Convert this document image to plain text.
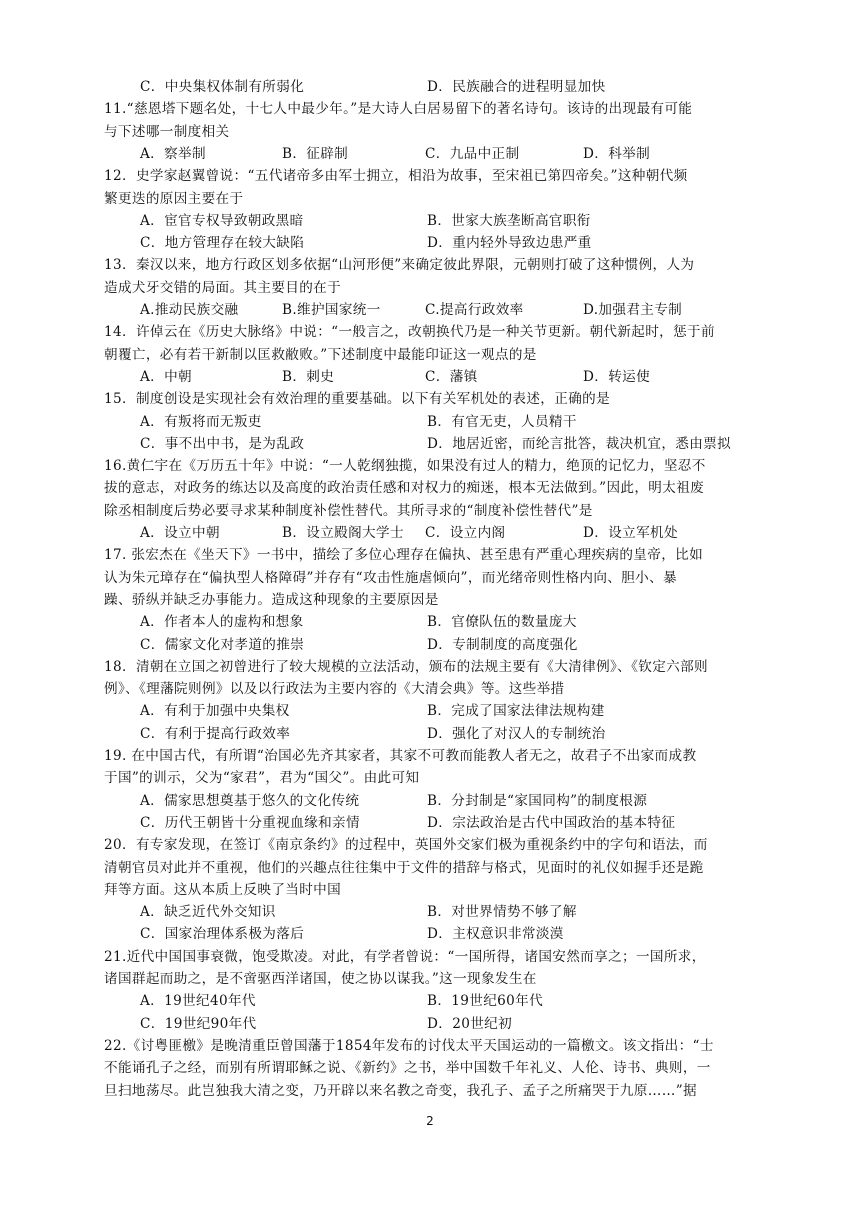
C．中央集权体制有所弱化	D．民族融合的进程明显加快
11.“慈恩塔下题名处，十七人中最少年。”是大诗人白居易留下的著名诗句。该诗的出现最有可能
与下述哪一制度相关
A．察举制	B．征辟制	C．九品中正制	D．科举制
12．史学家赵翼曾说：“五代诸帝多由军士拥立，相沿为故事，至宋祖已第四帝矣。”这种朝代频
繁更迭的原因主要在于
A．宦官专权导致朝政黑暗	B．世家大族垄断高官职衔
C．地方管理存在较大缺陷	D．重内轻外导致边患严重
13．秦汉以来，地方行政区划多依据“山河形便”来确定彼此界限，元朝则打破了这种惯例，人为
造成犬牙交错的局面。其主要目的在于
A.推动民族交融	B.维护国家统一	C.提高行政效率	D.加强君主专制
14．许倬云在《历史大脉络》中说：“一般言之，改朝换代乃是一种关节更新。朝代新起时，惩于前
朝覆亡，必有若干新制以匡救敝败。”下述制度中最能印证这一观点的是
A．中朝	B．刺史	C．藩镇	D．转运使
15．制度创设是实现社会有效治理的重要基础。以下有关军机处的表述，正确的是
A．有叛将而无叛吏	B．有官无吏，人员精干
C．事不出中书，是为乱政	D．地居近密，而纶言批答，裁决机宜，悉由票拟
16.黄仁宇在《万历五十年》中说：“一人乾纲独揽，如果没有过人的精力，绝顶的记忆力，坚忍不
拔的意志，对政务的练达以及高度的政治责任感和对权力的痴迷，根本无法做到。”因此，明太祖废
除丞相制度后势必要寻求某种制度补偿性替代。其所寻求的“制度补偿性替代”是
A．设立中朝	B．设立殿阁大学士 C．设立内阁	D．设立军机处
17. 张宏杰在《坐天下》一书中，描绘了多位心理存在偏执、甚至患有严重心理疾病的皇帝，比如
认为朱元璋存在“偏执型人格障碍”并存有“攻击性施虐倾向”，而光绪帝则性格内向、胆小、暴
躁、骄纵并缺乏办事能力。造成这种现象的主要原因是
A．作者本人的虚构和想象	B．官僚队伍的数量庞大
C．儒家文化对孝道的推崇	D．专制制度的高度强化
18．清朝在立国之初曾进行了较大规模的立法活动，颁布的法规主要有《大清律例》、《钦定六部则
例》、《理藩院则例》以及以行政法为主要内容的《大清会典》等。这些举措
A．有利于加强中央集权	B．完成了国家法律法规构建
C．有利于提高行政效率	D．强化了对汉人的专制统治
19. 在中国古代，有所谓“治国必先齐其家者，其家不可教而能教人者无之，故君子不出家而成教
于国”的训示，父为“家君”，君为“国父”。由此可知
A．儒家思想奠基于悠久的文化传统	B．分封制是“家国同构”的制度根源
C．历代王朝皆十分重视血缘和亲情	D．宗法政治是古代中国政治的基本特征
20．有专家发现，在签订《南京条约》的过程中，英国外交家们极为重视条约中的字句和语法，而
清朝官员对此并不重视，他们的兴趣点往往集中于文件的措辞与格式，见面时的礼仪如握手还是跪
拜等方面。这从本质上反映了当时中国
A．缺乏近代外交知识	B．对世界情势不够了解
C．国家治理体系极为落后	D．主权意识非常淡漠
21.近代中国国事衰微，饱受欺凌。对此，有学者曾说：“一国所得，诸国安然而享之；一国所求，
诸国群起而助之，是不啻驱西洋诸国，使之协以谋我。”这一现象发生在
A．19世纪40年代	B．19世纪60年代
C．19世纪90年代	D．20世纪初
22.《讨粤匪檄》是晚清重臣曾国藩于1854年发布的讨伐太平天国运动的一篇檄文。该文指出：“士
不能诵孔子之经，而别有所谓耶稣之说、《新约》之书，举中国数千年礼义、人伦、诗书、典则，一
旦扫地荡尽。此岂独我大清之变，乃开辟以来名教之奇变，我孔子、孟子之所痛哭于九原……”据
2
